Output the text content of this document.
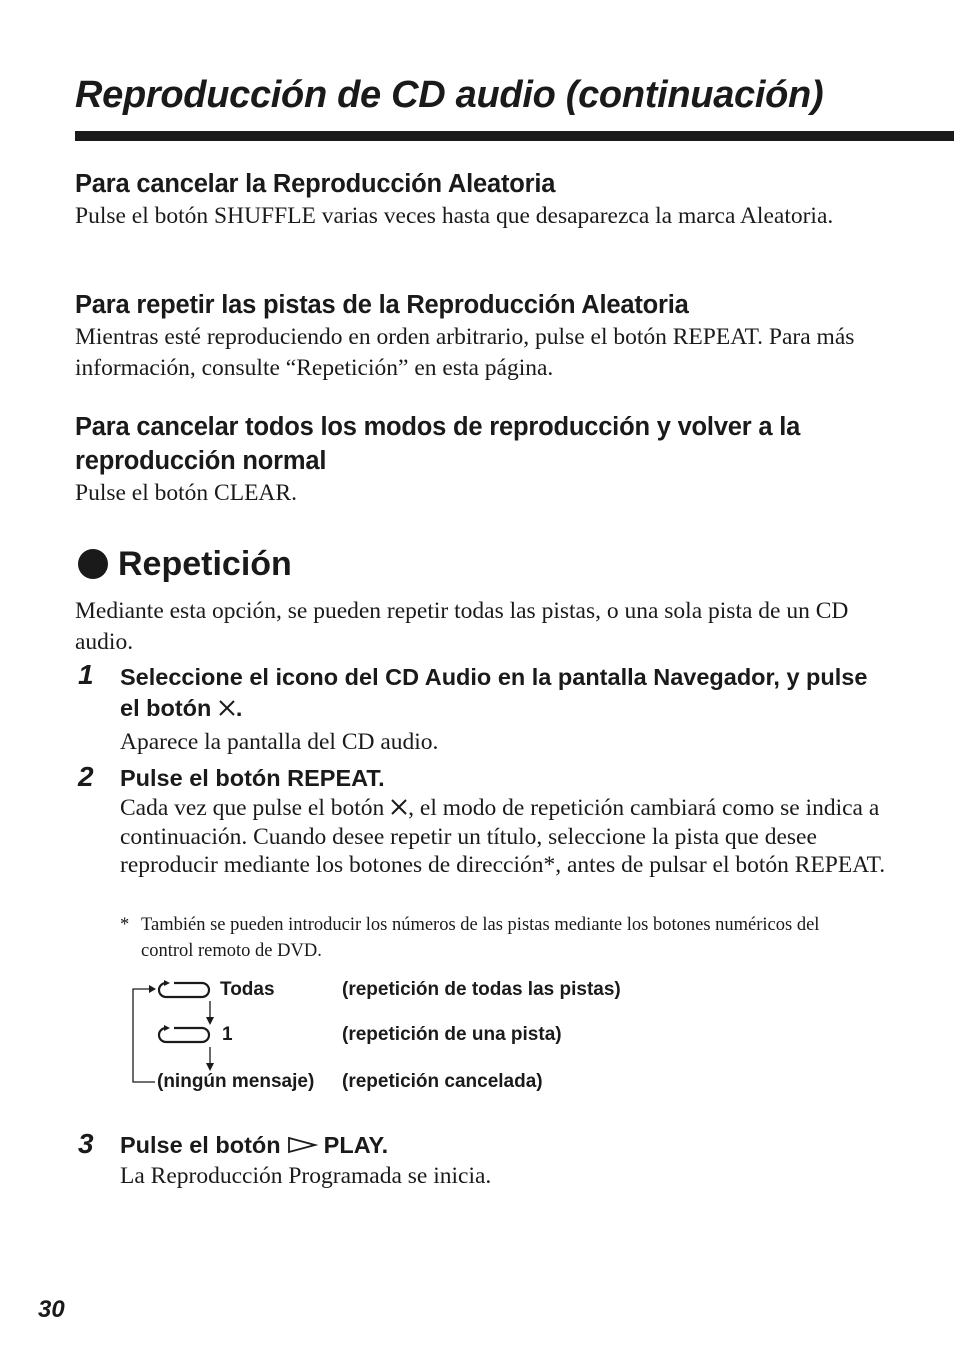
Reproducción de CD audio (continuación)
Para cancelar la Reproducción Aleatoria

Pulse el botón SHUFFLE varias veces hasta que desaparezca la marca Aleatoria.

Para repetir las pistas de la Reproducción Aleatoria

Mientras esté reproduciendo en orden arbitrario, pulse el botón REPEAT. Para más información, consulte “Repetición” en esta página.

Para cancelar todos los modos de reproducción y volver a la reproducción normal

Pulse el botón CLEAR.

Repetición

Mediante esta opción, se pueden repetir todas las pistas, o una sola pista de un CD audio.

1 Seleccione el icono del CD Audio en la pantalla Navegador, y pulse el botón .

Aparece la pantalla del CD audio.

2 Pulse el botón REPEAT.

Cada vez que pulse el botón , el modo de repetición cambiará como se indica a continuación. Cuando desee repetir un título, seleccione la pista que desee reproducir mediante los botones de dirección*, antes de pulsar el botón REPEAT.

* También se pueden introducir los números de las pistas mediante los botones numéricos del control remoto de DVD.

Todas	(repetición de todas las pistas)
1	(repetición de una pista)
(ningún mensaje) (repetición cancelada)
3 Pulse el botón  PLAY.

La Reproducción Programada se inicia.

30
